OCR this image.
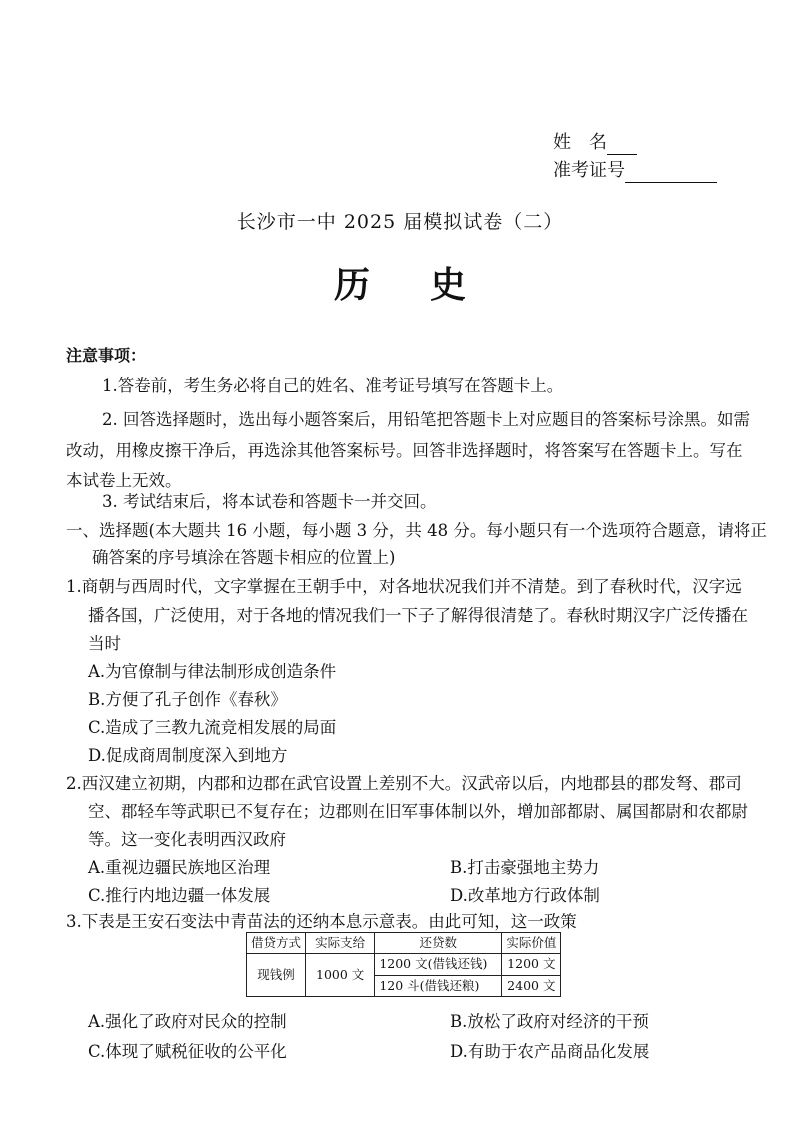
姓　名
准考证号
长沙市一中 2025 届模拟试卷（二）
历史
注意事项：
1.答卷前，考生务必将自己的姓名、准考证号填写在答题卡上。
2. 回答选择题时，选出每小题答案后，用铅笔把答题卡上对应题目的答案标号涂黑。如需
改动，用橡皮擦干净后，再选涂其他答案标号。回答非选择题时，将答案写在答题卡上。写在
本试卷上无效。
3. 考试结束后，将本试卷和答题卡一并交回。
一、选择题(本大题共 16 小题，每小题 3 分，共 48 分。每小题只有一个选项符合题意，请将正
确答案的序号填涂在答题卡相应的位置上)
1.商朝与西周时代，文字掌握在王朝手中，对各地状况我们并不清楚。到了春秋时代，汉字远
播各国，广泛使用，对于各地的情况我们一下子了解得很清楚了。春秋时期汉字广泛传播在
当时
A.为官僚制与律法制形成创造条件
B.方便了孔子创作《春秋》
C.造成了三教九流竞相发展的局面
D.促成商周制度深入到地方
2.西汉建立初期，内郡和边郡在武官设置上差别不大。汉武帝以后，内地郡县的郡发弩、郡司
空、郡轻车等武职已不复存在；边郡则在旧军事体制以外，增加部都尉、属国都尉和农都尉
等。这一变化表明西汉政府
A.重视边疆民族地区治理	B.打击豪强地主势力
C.推行内地边疆一体发展	D.改革地方行政体制
3.下表是王安石变法中青苗法的还纳本息示意表。由此可知，这一政策
借贷方式	实际支给	还贷数	实际价值
现钱例	1000 文	1200 文(借钱还钱)	1200 文
		120 斗(借钱还粮)	2400 文
A.强化了政府对民众的控制	B.放松了政府对经济的干预
C.体现了赋税征收的公平化	D.有助于农产品商品化发展
